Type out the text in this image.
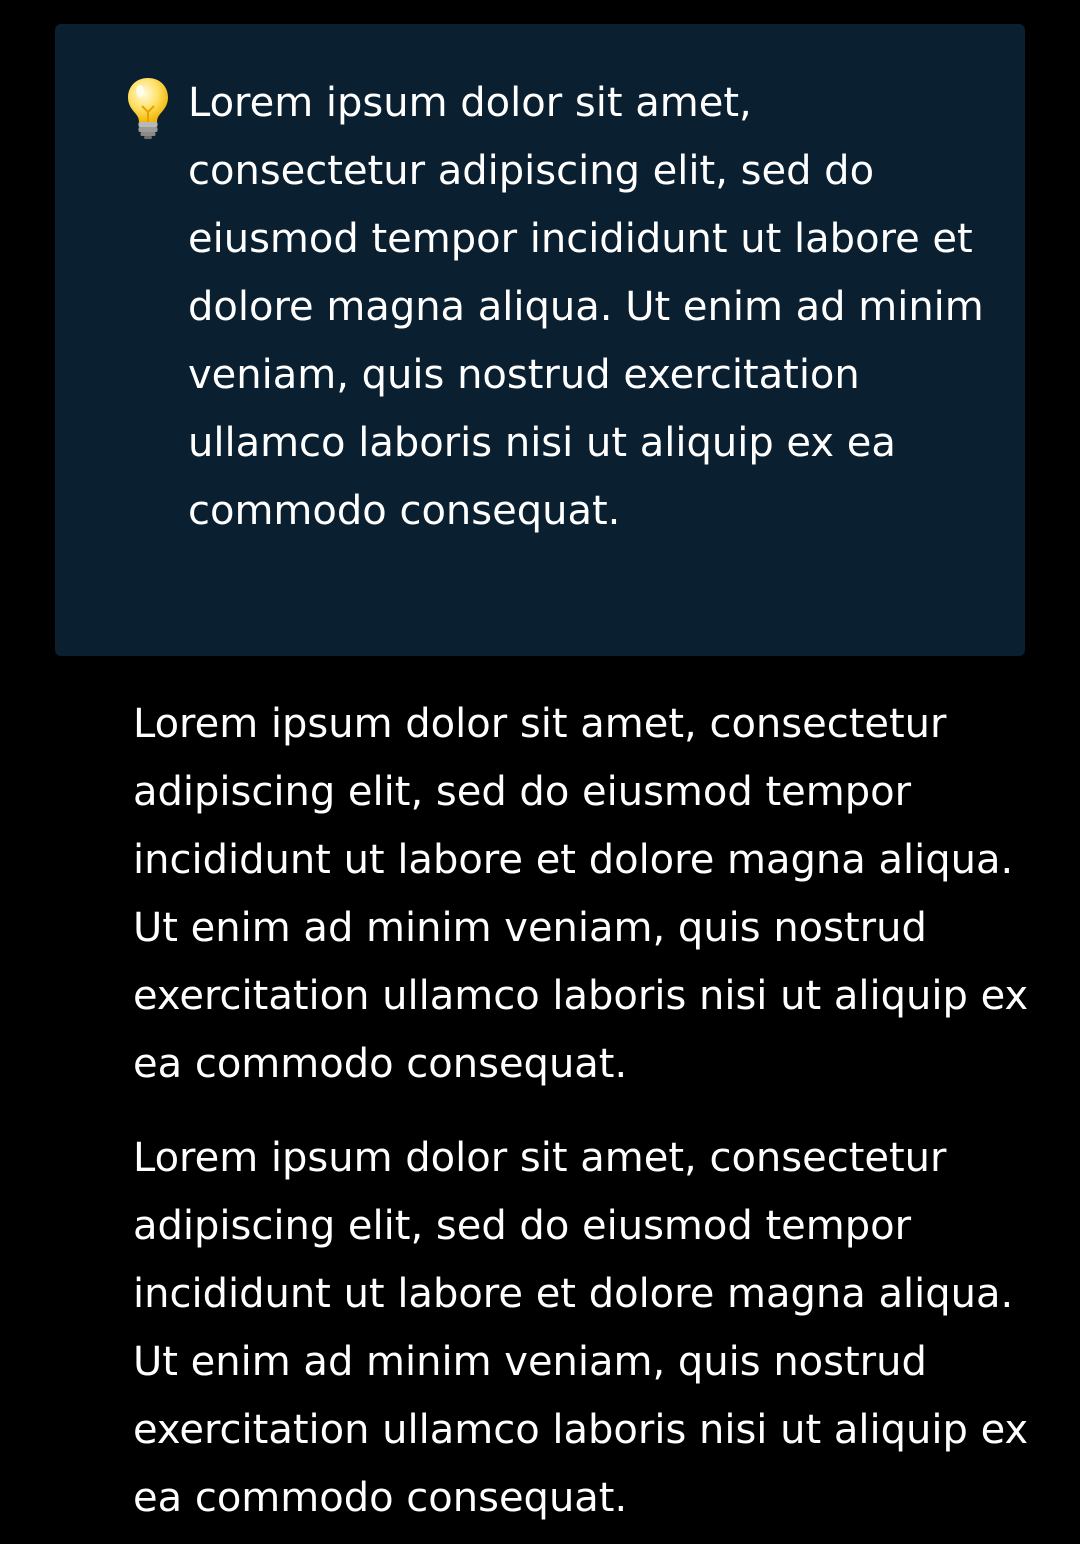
Lorem ipsum dolor sit amet, consectetur adipiscing elit, sed do eiusmod tempor incididunt ut labore et dolore magna aliqua. Ut enim ad minim veniam, quis nostrud exercitation ullamco laboris nisi ut aliquip ex ea commodo consequat.

Lorem ipsum dolor sit amet, consectetur adipiscing elit, sed do eiusmod tempor incididunt ut labore et dolore magna aliqua. Ut enim ad minim veniam, quis nostrud exercitation ullamco laboris nisi ut aliquip ex ea commodo consequat.

Lorem ipsum dolor sit amet, consectetur adipiscing elit, sed do eiusmod tempor incididunt ut labore et dolore magna aliqua. Ut enim ad minim veniam, quis nostrud exercitation ullamco laboris nisi ut aliquip ex ea commodo consequat.
